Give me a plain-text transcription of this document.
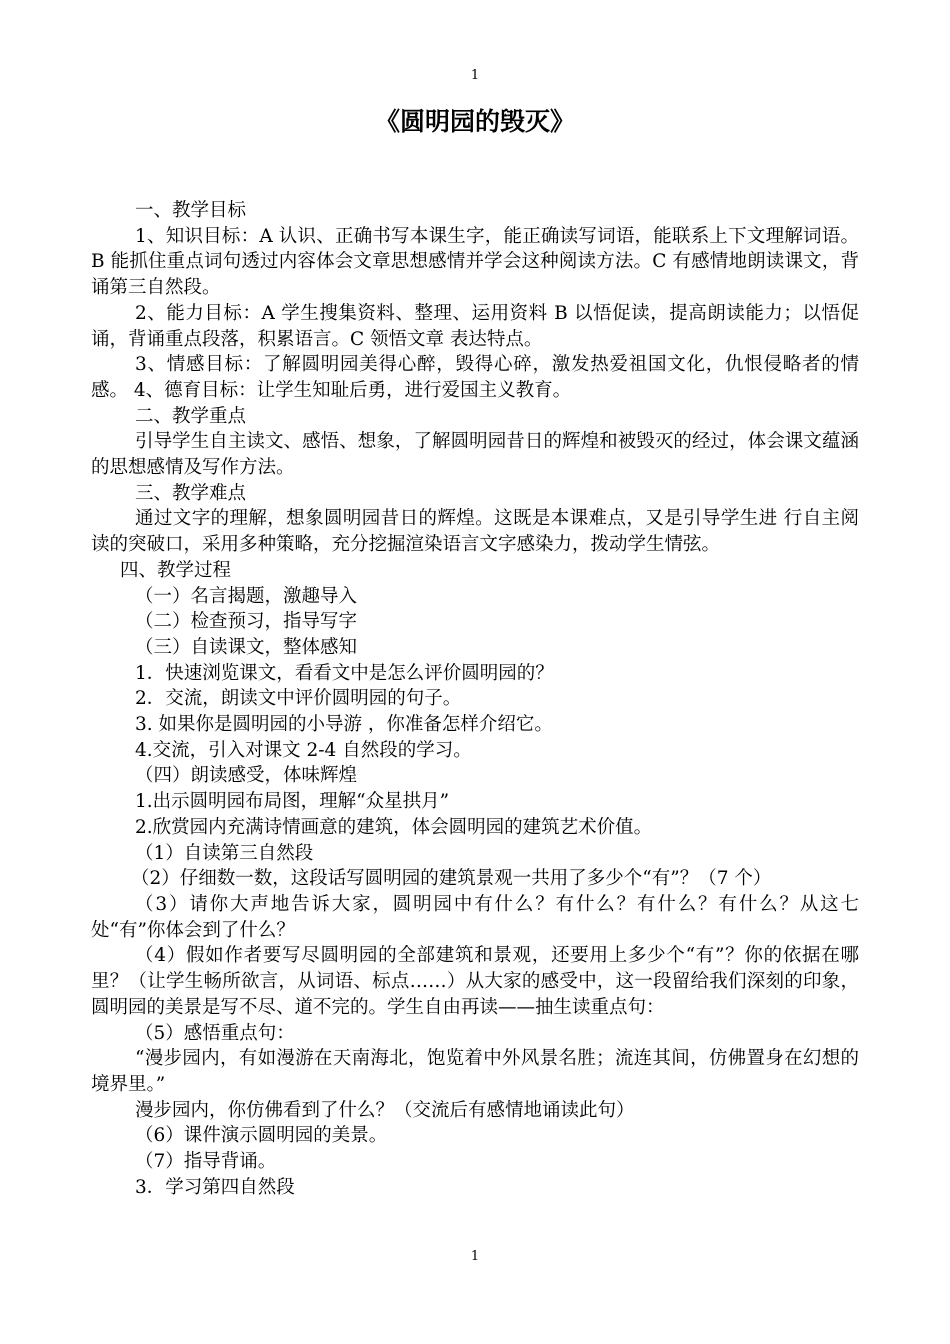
1
《圆明园的毁灭》

一、教学目标

1、知识目标：A 认识、正确书写本课生字，能正确读写词语，能联系上下文理解词语。B 能抓住重点词句透过内容体会文章思想感情并学会这种阅读方法。C 有感情地朗读课文，背诵第三自然段。

2、能力目标：A 学生搜集资料、整理、运用资料 B 以悟促读，提高朗读能力；以悟促诵，背诵重点段落，积累语言。C 领悟文章 表达特点。

3、情感目标：了解圆明园美得心醉，毁得心碎，激发热爱祖国文化，仇恨侵略者的情感。 4、德育目标：让学生知耻后勇，进行爱国主义教育。

二、教学重点

引导学生自主读文、感悟、想象，了解圆明园昔日的辉煌和被毁灭的经过，体会课文蕴涵的思想感情及写作方法。

三、教学难点

通过文字的理解，想象圆明园昔日的辉煌。这既是本课难点，又是引导学生进 行自主阅读的突破口，采用多种策略，充分挖掘渲染语言文字感染力，拨动学生情弦。

四、教学过程

（一）名言揭题，激趣导入

（二）检查预习，指导写字

（三）自读课文，整体感知

1．快速浏览课文，看看文中是怎么评价圆明园的？

2．交流，朗读文中评价圆明园的句子。

3. 如果你是圆明园的小导游 ，你准备怎样介绍它。

4.交流，引入对课文 2-4 自然段的学习。

（四）朗读感受，体味辉煌

1.出示圆明园布局图，理解“众星拱月”

2.欣赏园内充满诗情画意的建筑，体会圆明园的建筑艺术价值。

（1）自读第三自然段

（2）仔细数一数，这段话写圆明园的建筑景观一共用了多少个“有”？（7 个）

（3）请你大声地告诉大家，圆明园中有什么？有什么？有什么？有什么？从这七处“有”你体会到了什么？

（4）假如作者要写尽圆明园的全部建筑和景观，还要用上多少个“有”？你的依据在哪里？（让学生畅所欲言，从词语、标点……）从大家的感受中，这一段留给我们深刻的印象，圆明园的美景是写不尽、道不完的。学生自由再读——抽生读重点句：

（5）感悟重点句：

“漫步园内，有如漫游在天南海北，饱览着中外风景名胜；流连其间，仿佛置身在幻想的境界里。”

漫步园内，你仿佛看到了什么？（交流后有感情地诵读此句）

（6）课件演示圆明园的美景。

（7）指导背诵。

3．学习第四自然段

1
